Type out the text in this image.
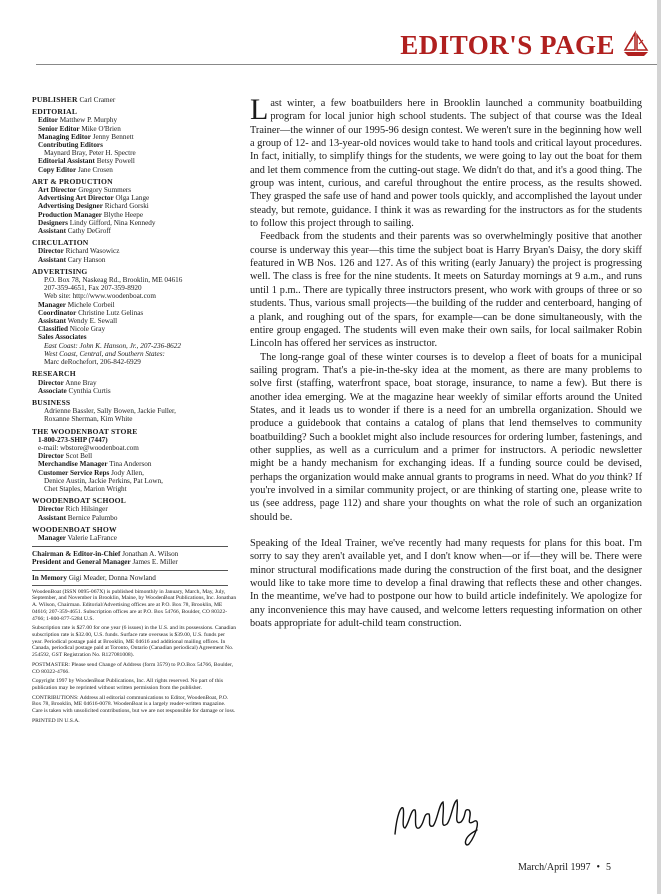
EDITOR'S PAGE
PUBLISHER Carl Cramer
EDITORIAL
Editor Matthew P. Murphy
Senior Editor Mike O'Brien
Managing Editor Jenny Bennett
Contributing Editors
Maynard Bray, Peter H. Spectre
Editorial Assistant Betsy Powell
Copy Editor Jane Crosen
ART & PRODUCTION
Art Director Gregory Summers
Advertising Art Director Olga Lange
Advertising Designer Richard Gorski
Production Manager Blythe Heepe
Designers Lindy Gifford, Nina Kennedy
Assistant Cathy DeGroff
CIRCULATION
Director Richard Wasowicz
Assistant Cary Hanson
ADVERTISING
P.O. Box 78, Naskeag Rd., Brooklin, ME 04616
207-359-4651, Fax 207-359-8920
Web site: http://www.woodenboat.com
Manager Michele Corbeil
Coordinator Christine Lutz Gelinas
Assistant Wendy E. Sewall
Classified Nicole Gray
Sales Associates
East Coast: John K. Hanson, Jr., 207-236-8622
West Coast, Central, and Southern States:
Marc deRochefort, 206-842-6929
RESEARCH
Director Anne Bray
Associate Cynthia Curtis
BUSINESS
Adrienne Bassler, Sally Bowen, Jackie Fuller,
Roxanne Sherman, Kim White
THE WOODENBOAT STORE
1-800-273-SHIP (7447)
e-mail: wbstore@woodenboat.com
Director Scot Bell
Merchandise Manager Tina Anderson
Customer Service Reps Jody Allen,
Denice Austin, Jackie Perkins, Pat Lown,
Chet Staples, Marion Wright
WOODENBOAT SCHOOL
Director Rich Hilsinger
Assistant Bernice Palumbo
WOODENBOAT SHOW
Manager Valerie LaFrance
Chairman & Editor-in-Chief Jonathan A. Wilson
President and General Manager James E. Miller
In Memory Gigi Meader, Donna Nowland
WoodenBoat (ISSN 0095-067X) is published bimonthly in January, March, May, July, September, and November in Brooklin, Maine, by WoodenBoat Publications, Inc. Jonathan A. Wilson, Chairman. Editorial/Advertising offices are at P.O. Box 78, Brooklin, ME 04616; 207-359-4651. Subscription offices are at P.O. Box 54766, Boulder, CO 80322-4766; 1-800-877-5284 U.S.
Subscription rate is $27.00 for one year (6 issues) in the U.S. and its possessions. Canadian subscription rate is $32.00, U.S. funds. Surface rate overseas is $39.00, U.S. funds per year. Periodical postage paid at Brooklin, ME 04616 and additional mailing offices. In Canada, periodical postage paid at Toronto, Ontario (Canadian periodical) Agreement No. 254592, GST Registration No. R127081008).
POSTMASTER: Please send Change of Address (form 3579) to P.O.Box 54766, Boulder, CO 80322-4766.
Copyright 1997 by WoodenBoat Publications, Inc. All rights reserved. No part of this publication may be reprinted without written permission from the publisher.
CONTRIBUTIONS: Address all editorial communications to Editor, WoodenBoat, P.O. Box 78, Brooklin, ME 04616-0078. WoodenBoat is a largely reader-written magazine. Care is taken with unsolicited contributions, but we are not responsible for damage or loss.
PRINTED IN U.S.A.

Last winter, a few boatbuilders here in Brooklin launched a community boatbuilding program for local junior high school students. The subject of that course was the Ideal Trainer—the winner of our 1995-96 design contest. We weren't sure in the beginning how well a group of 12- and 13-year-old novices would take to hand tools and critical layout procedures. In fact, initially, to simplify things for the students, we were going to lay out the boat for them and let them commence from the cutting-out stage. We didn't do that, and it's a good thing. The group was intent, curious, and careful throughout the entire process, as the results showed. They grasped the safe use of hand and power tools quickly, and accomplished the layout under steady, but remote, guidance. I think it was as rewarding for the instructors as for the students to follow this project through to sailing.

Feedback from the students and their parents was so overwhelmingly positive that another course is underway this year—this time the subject boat is Harry Bryan's Daisy, the dory skiff featured in WB Nos. 126 and 127. As of this writing (early January) the project is progressing well. The class is free for the nine students. It meets on Saturday mornings at 9 a.m., and runs until 1 p.m.. There are typically three instructors present, who work with groups of three or so students. Thus, various small projects—the building of the rudder and centerboard, hanging of a plank, and roughing out of the spars, for example—can be done simultaneously, with the entire group engaged. The students will even make their own sails, for local sailmaker Robin Lincoln has offered her services as instructor.

The long-range goal of these winter courses is to develop a fleet of boats for a municipal sailing program. That's a pie-in-the-sky idea at the moment, as there are many problems to solve first (staffing, waterfront space, boat storage, insurance, to name a few). But there is another idea emerging. We at the magazine hear weekly of similar efforts around the United States, and it leads us to wonder if there is a need for an umbrella organization. Should we produce a guidebook that contains a catalog of plans that lend themselves to community boatbuilding? Such a booklet might also include resources for ordering lumber, fastenings, and other supplies, as well as a curriculum and a primer for instructors. A periodic newsletter might be a handy mechanism for exchanging ideas. If a funding source could be devised, perhaps the organization would make annual grants to programs in need. What do you think? If you're involved in a similar community project, or are thinking of starting one, please write to us (see address, page 112) and share your thoughts on what the role of such an organization should be.

Speaking of the Ideal Trainer, we've recently had many requests for plans for this boat. I'm sorry to say they aren't available yet, and I don't know when—or if—they will be. There were minor structural modifications made during the construction of the first boat, and the designer would like to take more time to develop a final drawing that reflects these and other changes. In the meantime, we've had to postpone our how to build article indefinitely. We apologize for any inconvenience this may have caused, and welcome letters requesting information on other boats appropriate for adult-child team construction.

March/April 1997 • 5
